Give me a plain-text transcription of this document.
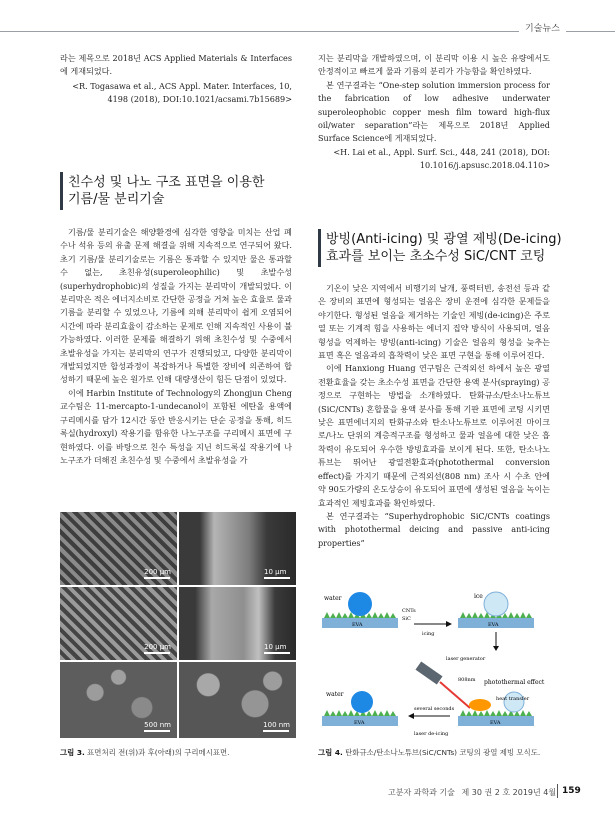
기술뉴스

라는 제목으로 2018년 ACS Applied Materials & Interfaces에 게재되었다.

<R. Togasawa et al., ACS Appl. Mater. Interfaces, 10, 4198 (2018), DOI:10.1021/acsami.7b15689>

친수성 및 나노 구조 표면을 이용한
기름/물 분리기술

기름/물 분리기술은 해양환경에 심각한 영향을 미치는 산업 폐수나 석유 등의 유출 문제 해결을 위해 지속적으로 연구되어 왔다. 초기 기름/물 분리기술로는 기름은 통과할 수 있지만 물은 통과할 수 없는, 초친유성(superoleophilic) 및 초발수성(superhydrophobic)의 성질을 가지는 분리막이 개발되었다. 이 분리막은 적은 에너지소비로 간단한 공정을 거쳐 높은 효율로 물과 기름을 분리할 수 있었으나, 기름에 의해 분리막이 쉽게 오염되어 시간에 따라 분리효율이 감소하는 문제로 인해 지속적인 사용이 불가능하였다. 이러한 문제를 해결하기 위해 초친수성 및 수중에서 초발유성을 가지는 분리막의 연구가 진행되었고, 다양한 분리막이 개발되었지만 합성과정이 복잡하거나 특별한 장비에 의존하여 합성하기 때문에 높은 원가로 인해 대량생산이 힘든 단점이 있었다.

이에 Harbin Institute of Technology의 Zhongjun Cheng 교수팀은 11-mercapto-1-undecanol이 포함된 에탄올 용액에 구리메시를 담가 12시간 동안 반응시키는 단순 공정을 통해, 히드록실(hydroxyl) 작용기를 함유한 나노구조를 구리메시 표면에 구현하였다. 이를 바탕으로 친수 특성을 지닌 히드록실 작용기에 나노구조가 더해진 초친수성 및 수중에서 초발유성을 가

200 μm	10 μm
200 μm	10 μm
500 nm	100 nm
그림 3. 표면처리 전(위)과 후(아래)의 구리메시표면.

지는 분리막을 개발하였으며, 이 분리막 이용 시 높은 유량에서도 안정적이고 빠르게 물과 기름의 분리가 가능함을 확인하였다.

본 연구결과는 “One-step solution immersion process for the fabrication of low adhesive underwater superoleophobic copper mesh film toward high-flux oil/water separation”라는 제목으로 2018년 Applied Surface Science에 게재되었다.

<H. Lai et al., Appl. Surf. Sci., 448, 241 (2018), DOI: 10.1016/j.apsusc.2018.04.110>

방빙(Anti-icing) 및 광열 제빙(De-icing)
효과를 보이는 초소수성 SiC/CNT 코팅

기온이 낮은 지역에서 비행기의 날개, 풍력터빈, 송전선 등과 같은 장비의 표면에 형성되는 얼음은 장비 운전에 심각한 문제들을 야기한다. 형성된 얼음을 제거하는 기술인 제빙(de-icing)은 주로 열 또는 기계적 힘을 사용하는 에너지 집약 방식이 사용되며, 얼음 형성을 억제하는 방빙(anti-icing) 기술은 얼음의 형성을 늦추는 표면 혹은 얼음과의 흡착력이 낮은 표면 구현을 통해 이루어진다.

이에 Hanxiong Huang 연구팀은 근적외선 하에서 높은 광열 전환효율을 갖는 초소수성 표면을 간단한 용액 분사(spraying) 공정으로 구현하는 방법을 소개하였다. 탄화규소/탄소나노튜브(SiC/CNTs) 혼합물을 용액 분사를 통해 기판 표면에 코팅 시키면 낮은 표면에너지의 탄화규소와 탄소나노튜브로 이루어진 마이크로/나노 단위의 계층적구조를 형성하고 물과 얼음에 대한 낮은 흡착력이 유도되어 우수한 방빙효과를 보이게 된다. 또한, 탄소나노튜브는 뛰어난 광열전환효과(photothermal conversion effect)를 가지기 때문에 근적외선(808 nm) 조사 시 수초 안에 약 90도가량의 온도상승이 유도되어 표면에 생성된 얼음을 녹이는 효과적인 제빙효과를 확인하였다.

본 연구결과는 “Superhydrophobic SiC/CNTs coatings with photothermal deicing and passive anti-icing properties”

water
EVA
CNTs
SiC
icing
ice
EVA
laser generator
808nm photothermal effect
heat transfer
EVA
several seconds
laser de-icing
water
EVA
그림 4. 탄화규소/탄소나노튜브(SiC/CNTs) 코팅의 광열 제빙 모식도.
고분자 과학과 기술 제 30 권 2 호 2019년 4월 159
